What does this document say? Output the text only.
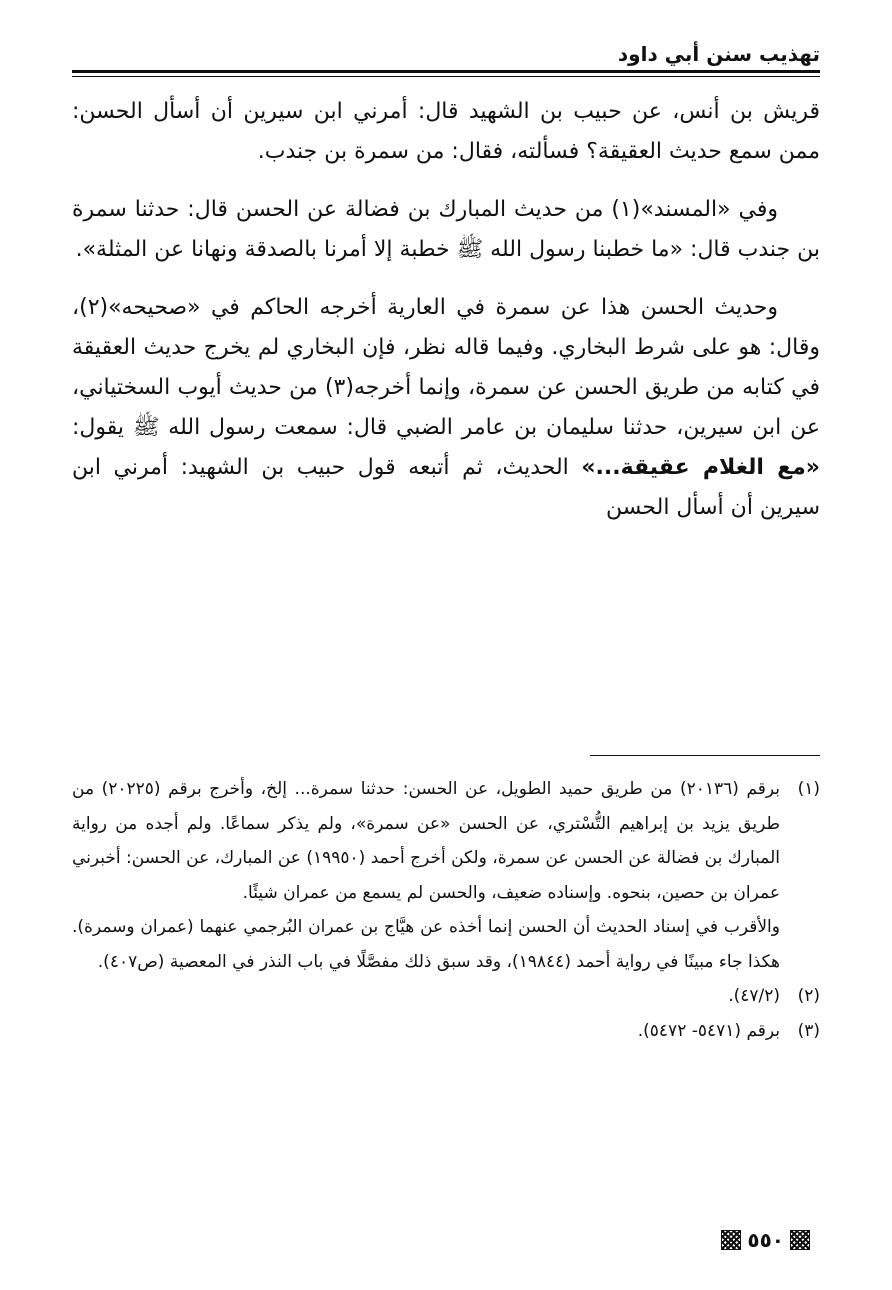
تهذيب سنن أبي داود

قريش بن أنس، عن حبيب بن الشهيد قال: أمرني ابن سيرين أن أسأل الحسن: ممن سمع حديث العقيقة؟ فسألته، فقال: من سمرة بن جندب.

وفي «المسند»(١) من حديث المبارك بن فضالة عن الحسن قال: حدثنا سمرة بن جندب قال: «ما خطبنا رسول الله ﷺ خطبة إلا أمرنا بالصدقة ونهانا عن المثلة».

وحديث الحسن هذا عن سمرة في العارية أخرجه الحاكم في «صحيحه»(٢)، وقال: هو على شرط البخاري. وفيما قاله نظر، فإن البخاري لم يخرج حديث العقيقة في كتابه من طريق الحسن عن سمرة، وإنما أخرجه(٣) من حديث أيوب السختياني، عن ابن سيرين، حدثنا سليمان بن عامر الضبي قال: سمعت رسول الله ﷺ يقول: «مع الغلام عقيقة...» الحديث، ثم أتبعه قول حبيب بن الشهيد: أمرني ابن سيرين أن أسأل الحسن

(١)

برقم (٢٠١٣٦) من طريق حميد الطويل، عن الحسن: حدثنا سمرة... إلخ، وأخرج برقم (٢٠٢٢٥) من طريق يزيد بن إبراهيم التُّسْتري، عن الحسن «عن سمرة»، ولم يذكر سماعًا. ولم أجده من رواية المبارك بن فضالة عن الحسن عن سمرة، ولكن أخرج أحمد (١٩٩٥٠) عن المبارك، عن الحسن: أخبرني عمران بن حصين، بنحوه. وإسناده ضعيف، والحسن لم يسمع من عمران شيئًا.

والأقرب في إسناد الحديث أن الحسن إنما أخذه عن هيَّاج بن عمران البُرجمي عنهما (عمران وسمرة). هكذا جاء مبينًا في رواية أحمد (١٩٨٤٤)، وقد سبق ذلك مفصَّلًا في باب النذر في المعصية (ص٤٠٧).

(٢)

(٤٧/٢).

(٣)

برقم (٥٤٧١- ٥٤٧٢).

٥٥٠
